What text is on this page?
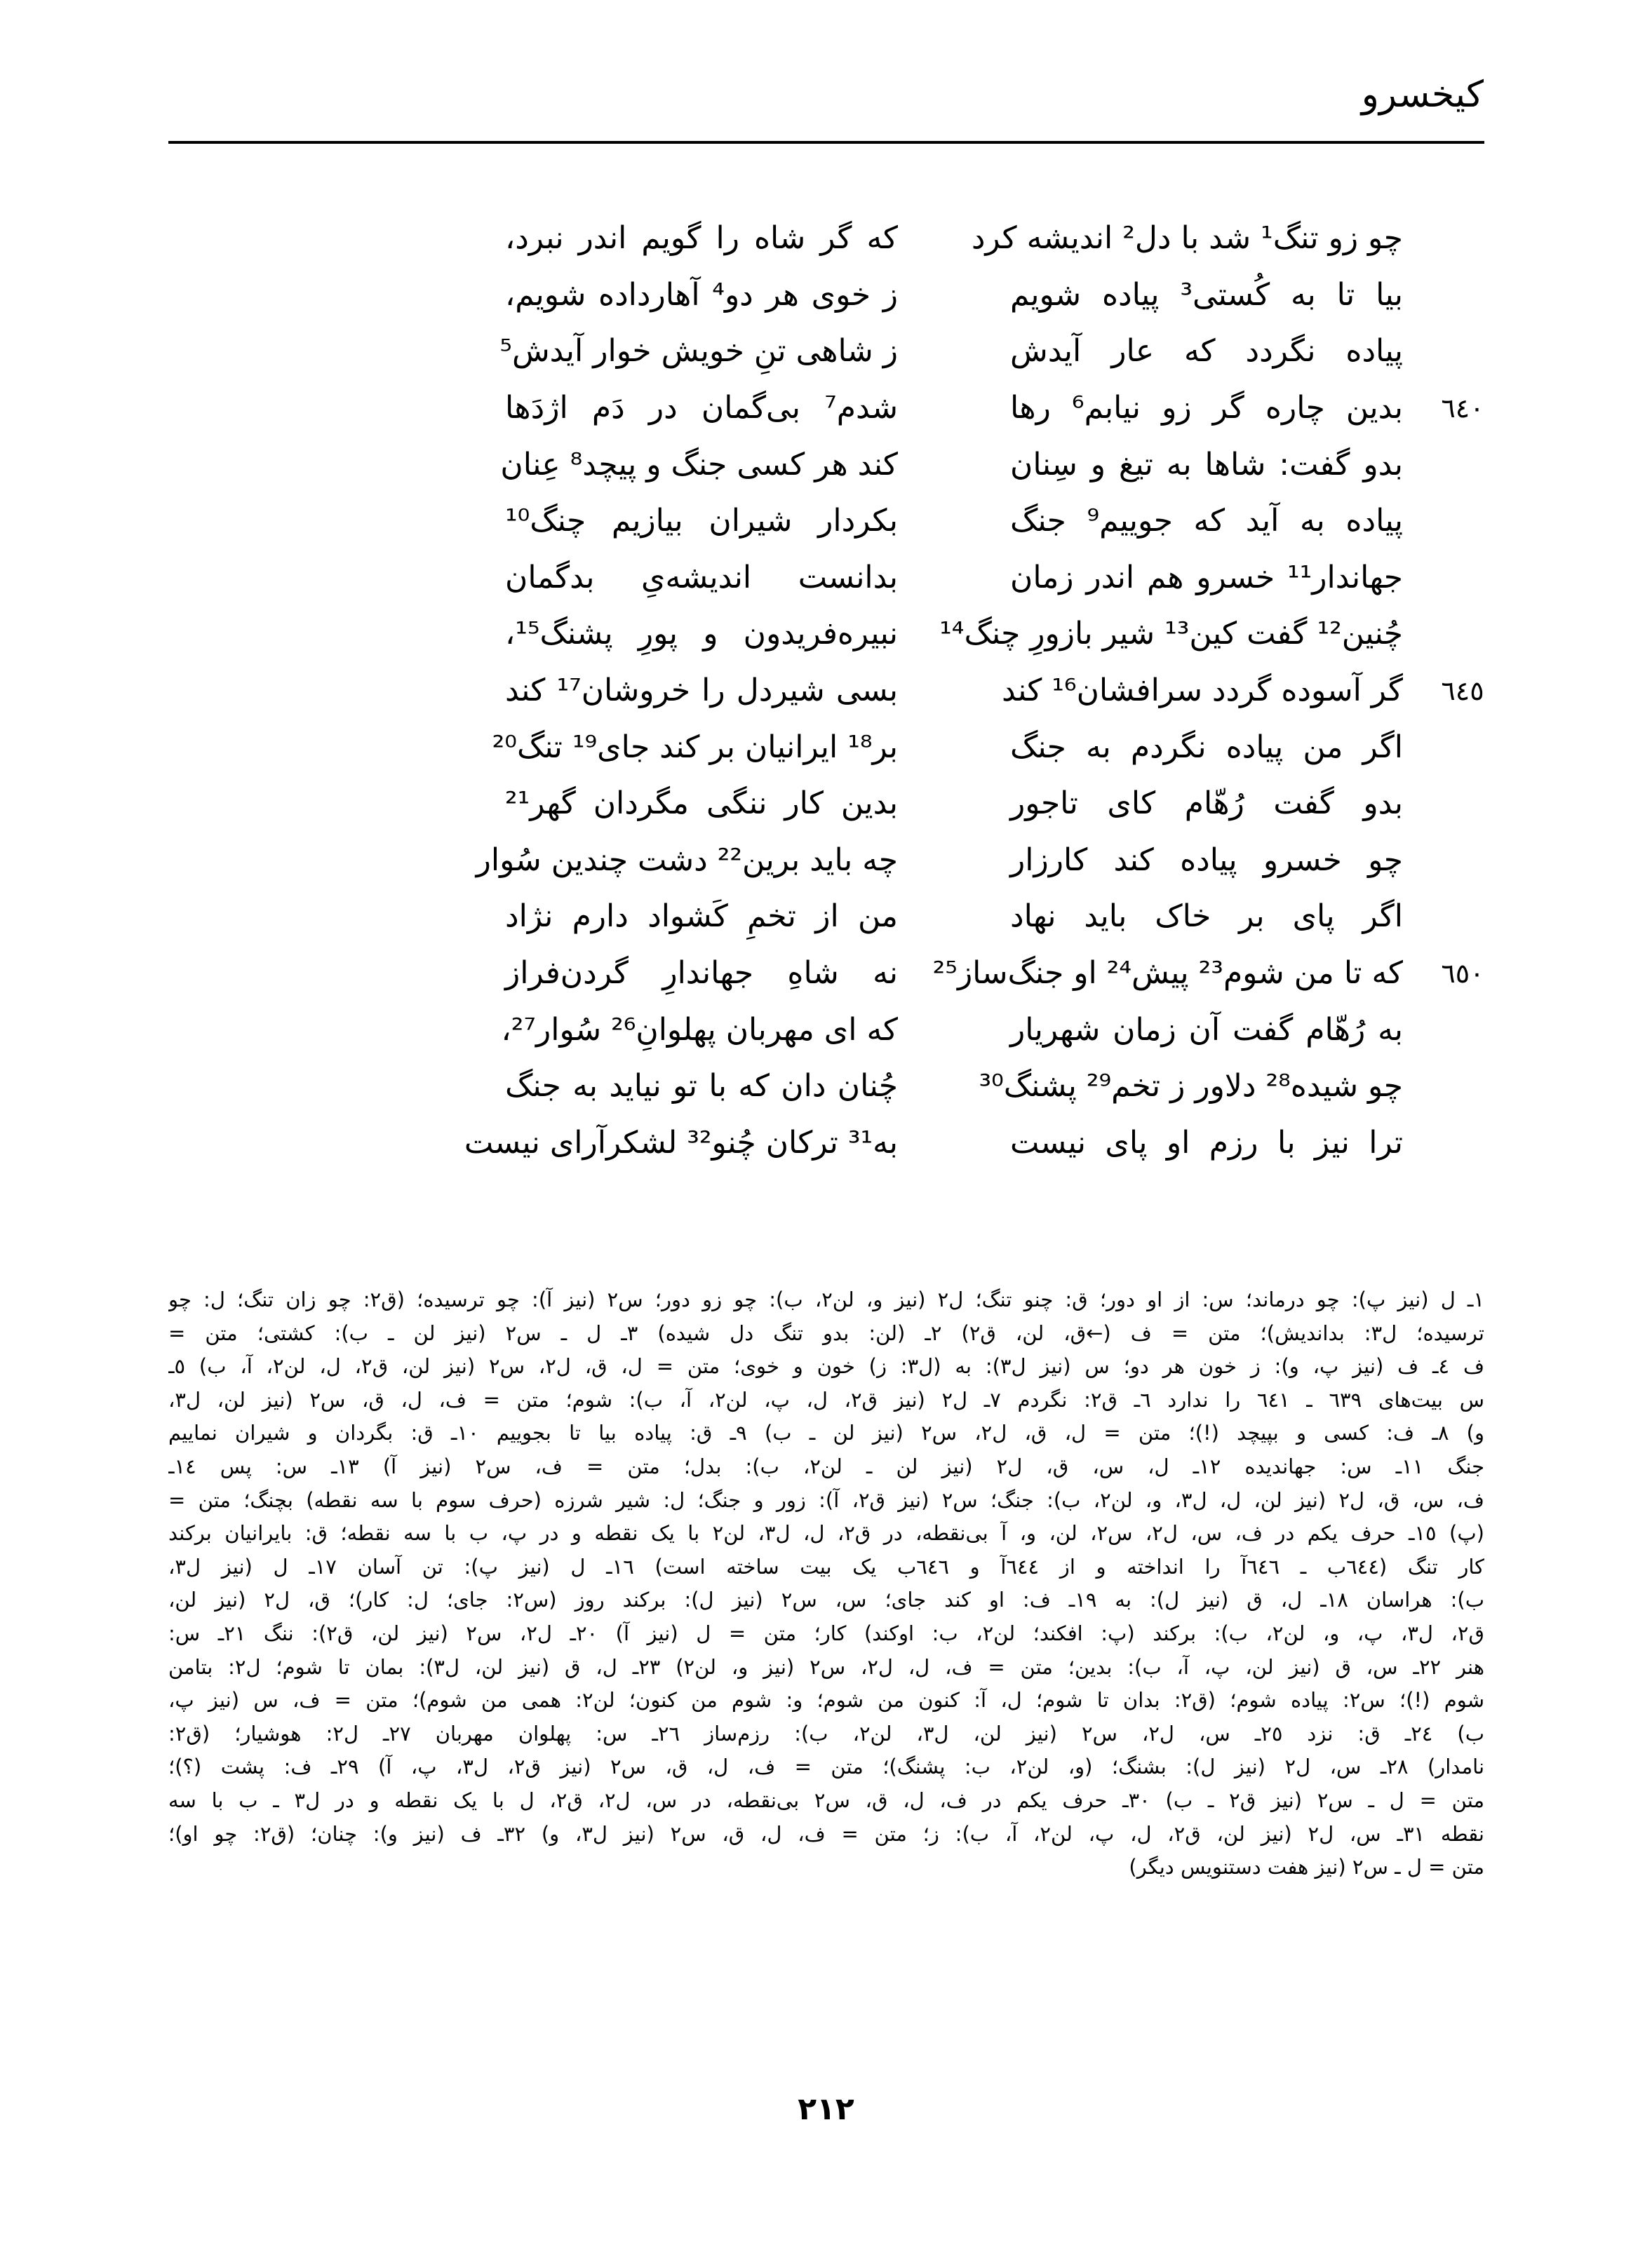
کیخسرو
چو زو تنگ¹ شد با دل² اندیشه کرد
که گر شاه را گویم اندر نبرد،
بیا تا به کُستی³ پیاده شویم
ز خوی هر دو⁴ آهارداده شویم،
پیاده نگردد که عار آیدش
ز شاهی تنِ خویش خوار آیدش⁵
٦٤٠
بدین چاره گر زو نیابم⁶ رها
شدم⁷ بی‌گمان در دَم اژدَها
بدو گفت: شاها به تیغ و سِنان
کند هر کسی جنگ و پیچد⁸ عِنان
پیاده به آید که جوییم⁹ جنگ
بکردار شیران بیازیم چنگ¹⁰
جهاندار¹¹ خسرو هم اندر زمان
بدانست اندیشه‌یِ بدگمان
چُنین¹² گفت کین¹³ شیر بازورِ چنگ¹⁴
نبیره‌فریدون و پورِ پشنگ¹⁵،
٦٤٥
گر آسوده گردد سرافشان¹⁶ کند
بسی شیردل را خروشان¹⁷ کند
اگر من پیاده نگردم به جنگ
بر¹⁸ ایرانیان بر کند جای¹⁹ تنگ²⁰
بدو گفت رُهّام کای تاجور
بدین کار ننگی مگردان گهر²¹
چو خسرو پیاده کند کارزار
چه باید برین²² دشت چندین سُوار
اگر پای بر خاک باید نهاد
من از تخمِ کَشواد دارم نژاد
٦٥٠
که تا من شوم²³ پیش²⁴ او جنگ‌ساز²⁵
نه شاهِ جهاندارِ گردن‌فراز
به رُهّام گفت آن زمان شهریار
که ای مهربان پهلوانِ²⁶ سُوار²⁷،
چو شیده²⁸ دلاور ز تخم²⁹ پشنگ³⁰
چُنان دان که با تو نیاید به جنگ
ترا نیز با رزم او پای نیست
به³¹ ترکان چُنو³² لشکرآرای نیست
١ـ ل (نیز پ): چو درماند؛ س: از او دور؛ ق: چنو تنگ؛ ل٢ (نیز و، لن٢، ب): چو زو دور؛ س٢ (نیز آ): چو ترسیده؛ (ق٢: چو زان تنگ؛ ل: چو
ترسیده؛ ل٣: بداندیش)؛ متن = ف (←ق، لن، ق٢) ٢ـ (لن: بدو تنگ دل شیده) ٣ـ ل ـ س٢ (نیز لن ـ ب): کشتی؛ متن =
ف ٤ـ ف (نیز پ، و): ز خون هر دو؛ س (نیز ل٣): به (ل٣: ز) خون و خوی؛ متن = ل، ق، ل٢، س٢ (نیز لن، ق٢، ل، لن٢، آ، ب) ٥ـ
س بیت‌های ٦٣٩ ـ ٦٤١ را ندارد ٦ـ ق٢: نگردم ٧ـ ل٢ (نیز ق٢، ل، پ، لن٢، آ، ب): شوم؛ متن = ف، ل، ق، س٢ (نیز لن، ل٣،
و) ٨ـ ف: کسی و بپیچد (!)؛ متن = ل، ق، ل٢، س٢ (نیز لن ـ ب) ٩ـ ق: پیاده بیا تا بجوییم ١٠ـ ق: بگردان و شیران نماییم
جنگ ١١ـ س: جهاندیده ١٢ـ ل، س، ق، ل٢ (نیز لن ـ لن٢، ب): بدل؛ متن = ف، س٢ (نیز آ) ١٣ـ س: پس ١٤ـ
ف، س، ق، ل٢ (نیز لن، ل، ل٣، و، لن٢، ب): جنگ؛ س٢ (نیز ق٢، آ): زور و جنگ؛ ل: شیر شرزه (حرف سوم با سه نقطه) بچنگ؛ متن =
(پ) ١٥ـ حرف یکم در ف، س، ل٢، س٢، لن، و، آ بی‌نقطه، در ق٢، ل، ل٣، لن٢ با یک نقطه و در پ، ب با سه نقطه؛ ق: بایرانیان برکند
کار تنگ (٦٤٤ب ـ ٦٤٦آ را انداخته و از ٦٤٤آ و ٦٤٦ب یک بیت ساخته است) ١٦ـ ل (نیز پ): تن آسان ١٧ـ ل (نیز ل٣،
ب): هراسان ١٨ـ ل، ق (نیز ل): به ١٩ـ ف: او کند جای؛ س، س٢ (نیز ل): برکند روز (س٢: جای؛ ل: کار)؛ ق، ل٢ (نیز لن،
ق٢، ل٣، پ، و، لن٢، ب): برکند (پ: افکند؛ لن٢، ب: اوکند) کار؛ متن = ل (نیز آ) ٢٠ـ ل٢، س٢ (نیز لن، ق٢): ننگ ٢١ـ س:
هنر ٢٢ـ س، ق (نیز لن، پ، آ، ب): بدین؛ متن = ف، ل، ل٢، س٢ (نیز و، لن٢) ٢٣ـ ل، ق (نیز لن، ل٣): بمان تا شوم؛ ل٢: بتامن
شوم (!)؛ س٢: پیاده شوم؛ (ق٢: بدان تا شوم؛ ل، آ: کنون من شوم؛ و: شوم من کنون؛ لن٢: همی من شوم)؛ متن = ف، س (نیز پ،
ب) ٢٤ـ ق: نزد ٢٥ـ س، ل٢، س٢ (نیز لن، ل٣، لن٢، ب): رزم‌ساز ٢٦ـ س: پهلوان مهربان ٢٧ـ ل٢: هوشیار؛ (ق٢:
نامدار) ٢٨ـ س، ل٢ (نیز ل): بشنگ؛ (و، لن٢، ب: پشنگ)؛ متن = ف، ل، ق، س٢ (نیز ق٢، ل٣، پ، آ) ٢٩ـ ف: پشت (؟)؛
متن = ل ـ س٢ (نیز ق٢ ـ ب) ٣٠ـ حرف یکم در ف، ل، ق، س٢ بی‌نقطه، در س، ل٢، ق٢، ل با یک نقطه و در ل٣ ـ ب با سه
نقطه ٣١ـ س، ل٢ (نیز لن، ق٢، ل، پ، لن٢، آ، ب): ز؛ متن = ف، ل، ق، س٢ (نیز ل٣، و) ٣٢ـ ف (نیز و): چنان؛ (ق٢: چو او)؛
متن = ل ـ س٢ (نیز هفت دستنویس دیگر)
٢١٢
